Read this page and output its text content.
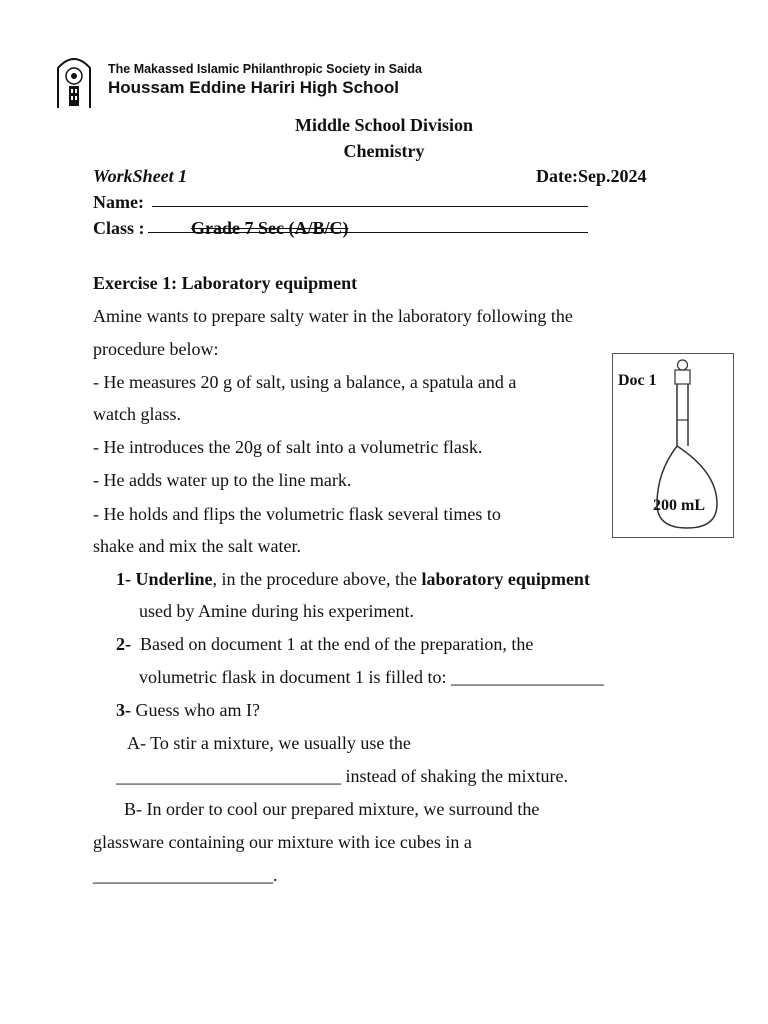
The Makassed Islamic Philanthropic Society in Saida
Houssam Eddine Hariri High School
Middle School Division
Chemistry
WorkSheet 1	Date:Sep.2024
Name:
Class :	Grade 7 Sec (A/B/C)
Exercise 1: Laboratory equipment
Amine wants to prepare salty water in the laboratory following the
procedure below:
- He measures 20 g of salt, using a balance, a spatula and a
watch glass.
- He introduces the 20g of salt into a volumetric flask.
- He adds water up to the line mark.
- He holds and flips the volumetric flask several times to
shake and mix the salt water.
Doc 1
200 mL
1- Underline, in the procedure above, the laboratory equipment
used by Amine during his experiment.
2- Based on document 1 at the end of the preparation, the
volumetric flask in document 1 is filled to: _________________
3- Guess who am I?
A- To stir a mixture, we usually use the
_________________________ instead of shaking the mixture.
B- In order to cool our prepared mixture, we surround the
glassware containing our mixture with ice cubes in a
____________________.
